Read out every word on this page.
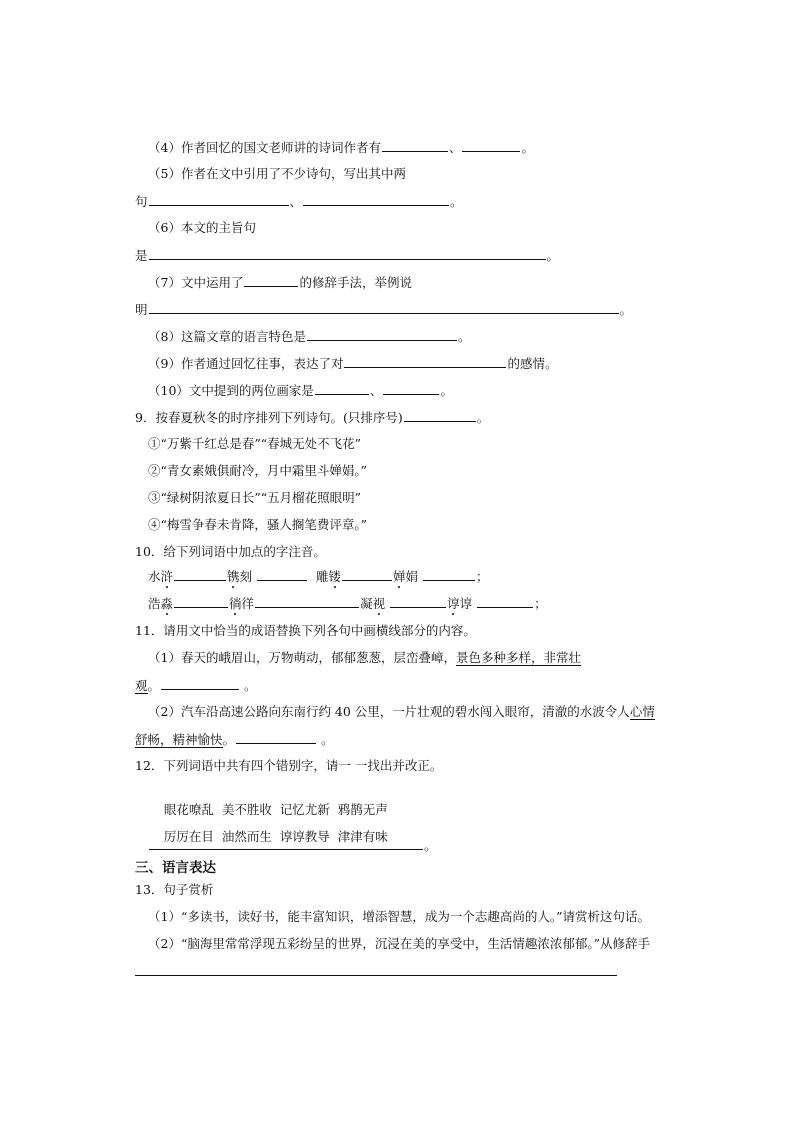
（4）作者回忆的国文老师讲的诗词作者有	、	。
（5）作者在文中引用了不少诗句，写出其中两
句	、	。
（6）本文的主旨句
是	。
（7）文中运用了	的修辞手法，举例说
明	。
（8）这篇文章的语言特色是	。
（9）作者通过回忆往事，表达了对	的感情。
（10）文中提到的两位画家是	、	。
9．按春夏秋冬的时序排列下列诗句。(只排序号)	。
①“万紫千红总是春”“春城无处不飞花”
②“青女素娥俱耐冷，月中霜里斗婵娟。”
③“绿树阴浓夏日长”“五月榴花照眼明”
④“梅雪争春未肯降，骚人搁笔费评章。”
10．给下列词语中加点的字注音。
水浒	镌刻	雕镂	婵娟	；
浩淼	徜徉	凝视	谆谆	；
11．请用文中恰当的成语替换下列各句中画横线部分的内容。
（1）春天的峨眉山，万物萌动，郁郁葱葱，层峦叠嶂，景色多种多样，非常壮
观。	。
（2）汽车沿高速公路向东南行约 40 公里，一片壮观的碧水闯入眼帘，清澈的水波令人心情
舒畅，精神愉快。	。
12．下列词语中共有四个错别字，请一 一找出并改正。

眼花嘹乱  美不胜收  记忆尤新  鸦鹊无声

厉厉在目  油然而生  谆谆教导  津津有味

。
三、语言表达
13．句子赏析
（1）“多读书，读好书，能丰富知识，增添智慧，成为一个志趣高尚的人。”请赏析这句话。
（2）“脑海里常常浮现五彩纷呈的世界，沉浸在美的享受中，生活情趣浓浓郁郁。”从修辞手
